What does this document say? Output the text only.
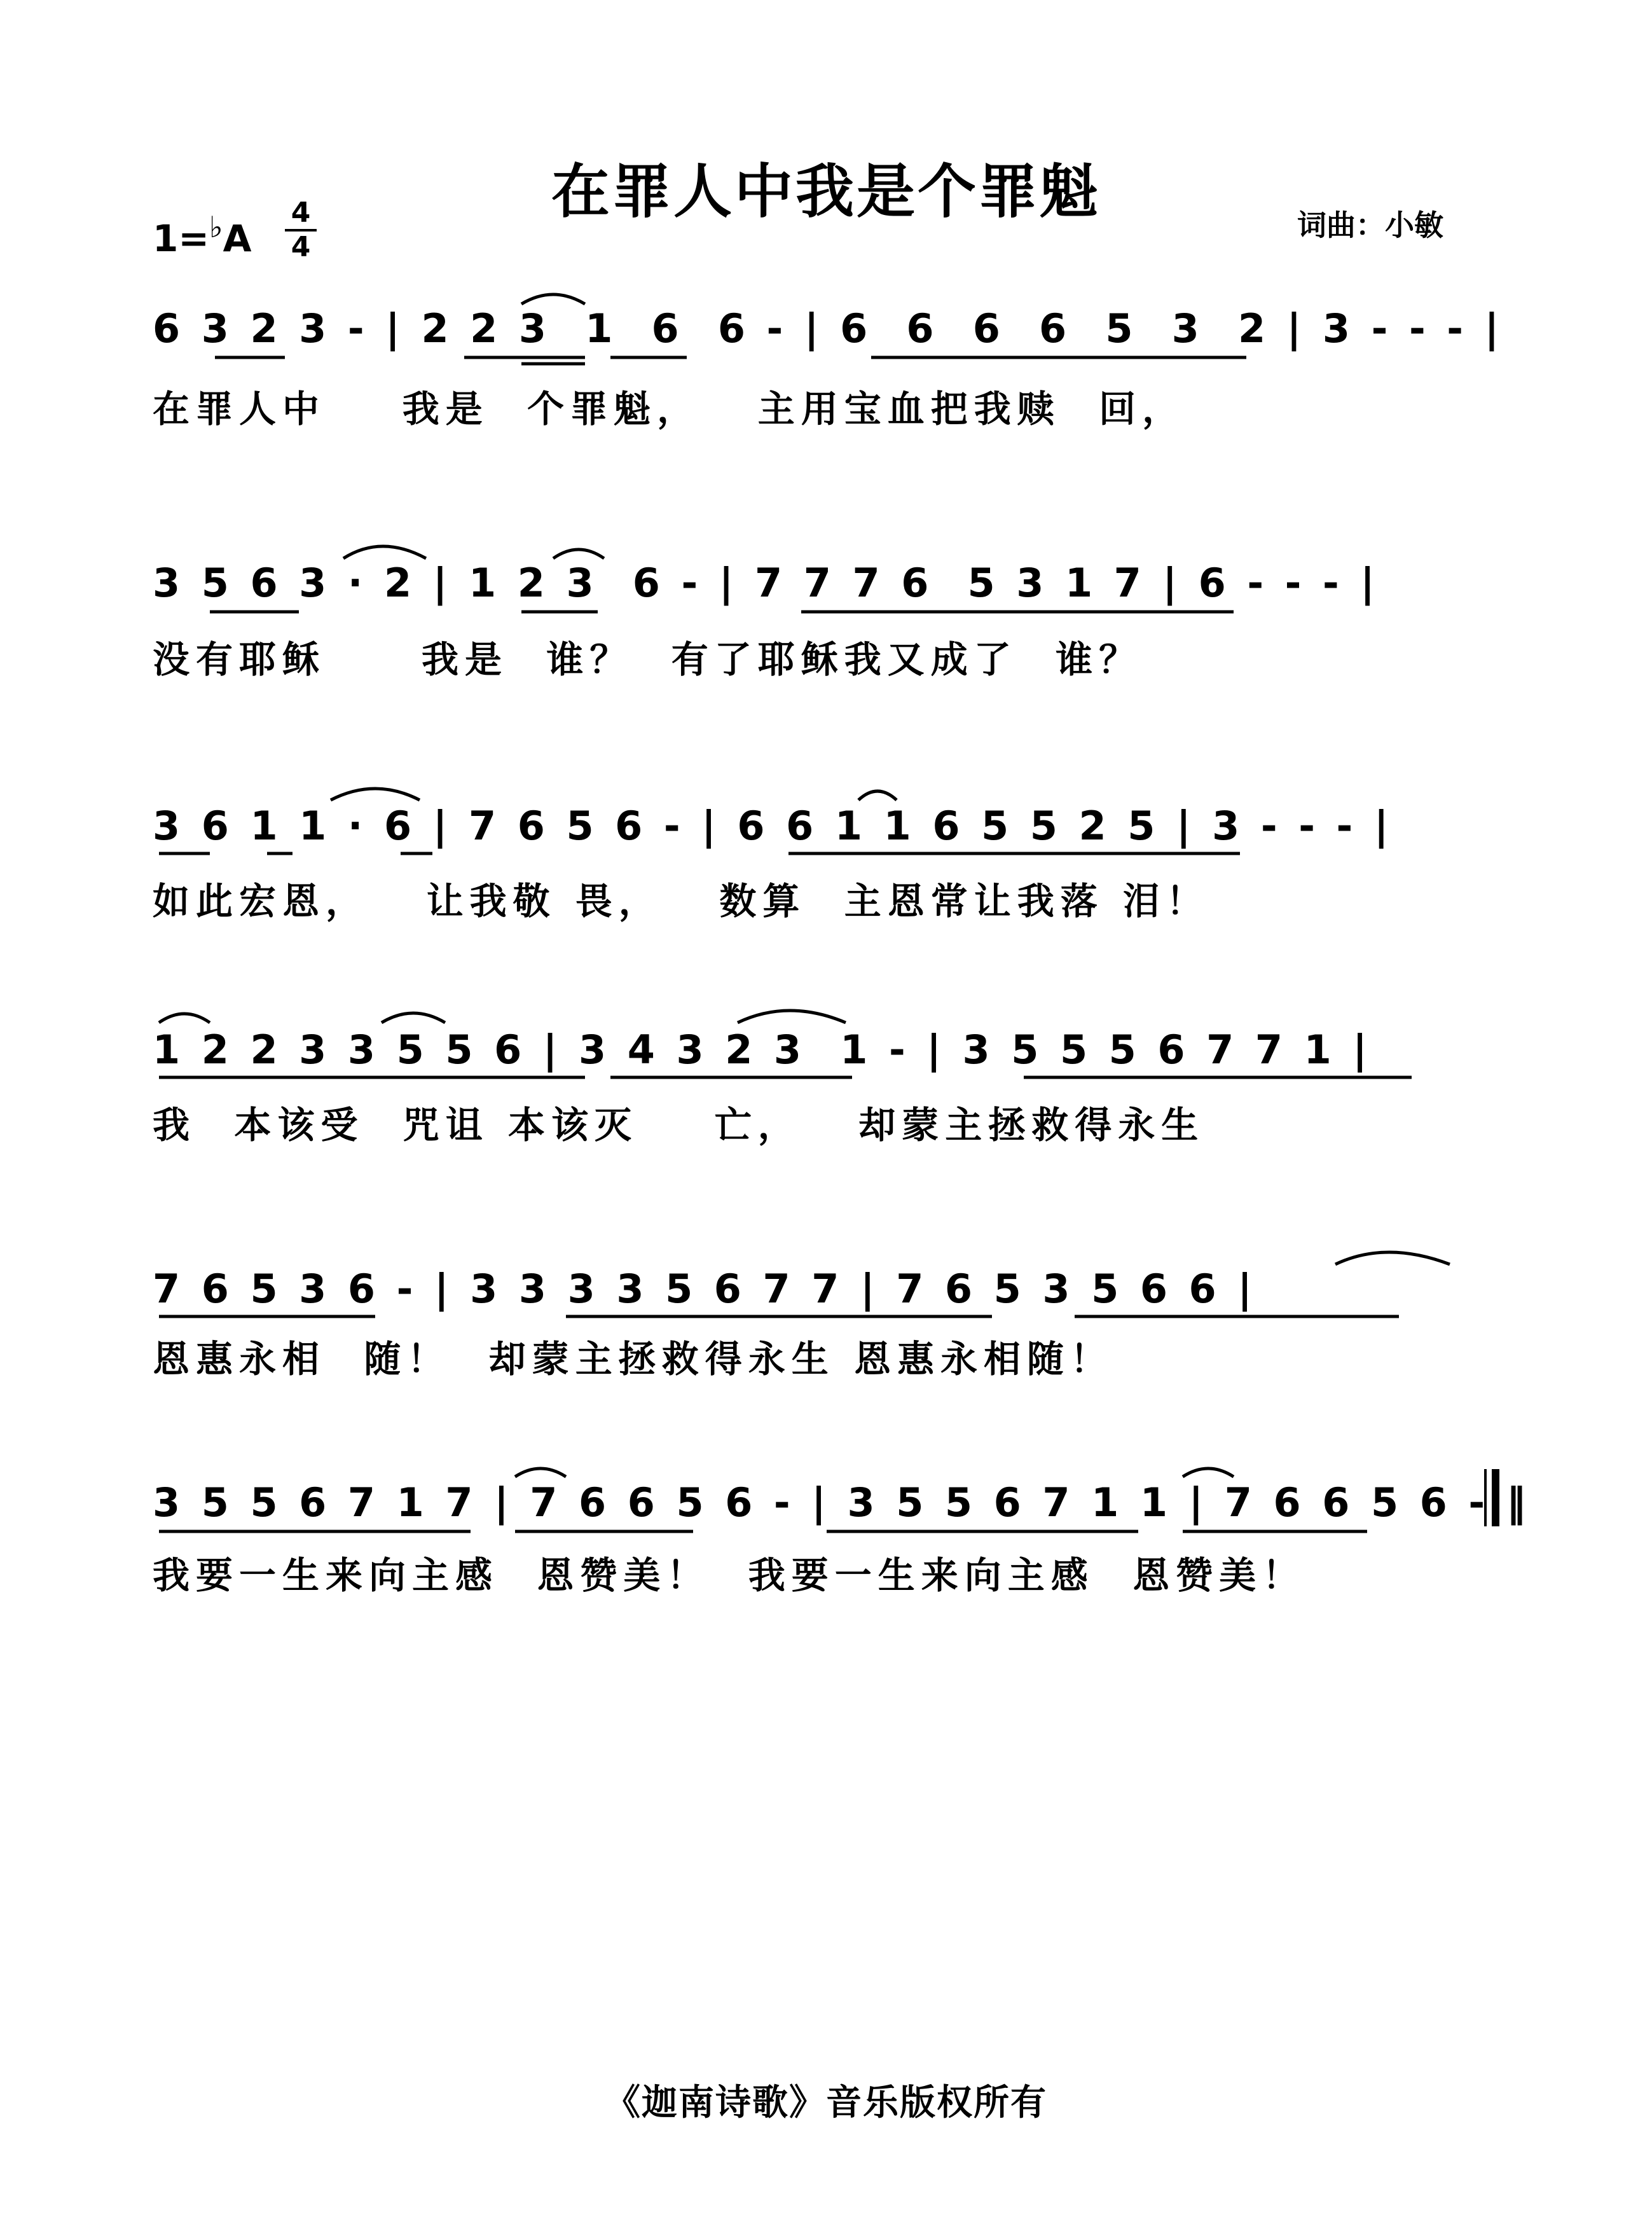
在罪人中我是个罪魁
1=♭A
4
4
词曲：小敏
6 3 2 3 - | 2 2 3  1  6  6 - | 6  6  6  6  5  3  2 | 3 - - - |
在罪人中    我是  个罪魁，   主用宝血把我赎  回，
3 5 6 3 · 2 | 1 2 3  6 - | 7 7 7 6  5 3 1 7 | 6 - - - |
没有耶稣     我是  谁？  有了耶稣我又成了  谁？
3 6 1 1 · 6 | 7 6 5 6 - | 6 6 1 1 6 5 5 2 5 | 3 - - - |
如此宏恩，   让我敬 畏，   数算  主恩常让我落 泪！
1 2 2 3 3 5 5 6 | 3 4 3 2 3  1 - | 3 5 5 5 6 7 7 1 |
我  本该受  咒诅 本该灭    亡，   却蒙主拯救得永生
7 6 5 3 6 - | 3 3 3 3 5 6 7 7 | 7 6 5 3 5 6 6 |
恩惠永相  随！  却蒙主拯救得永生 恩惠永相随！
3 5 5 6 7 1 7 | 7 6 6 5 6 - | 3 5 5 6 7 1 1 | 7 6 6 5 6 - ‖
我要一生来向主感  恩赞美！  我要一生来向主感  恩赞美！
《迦南诗歌》音乐版权所有
